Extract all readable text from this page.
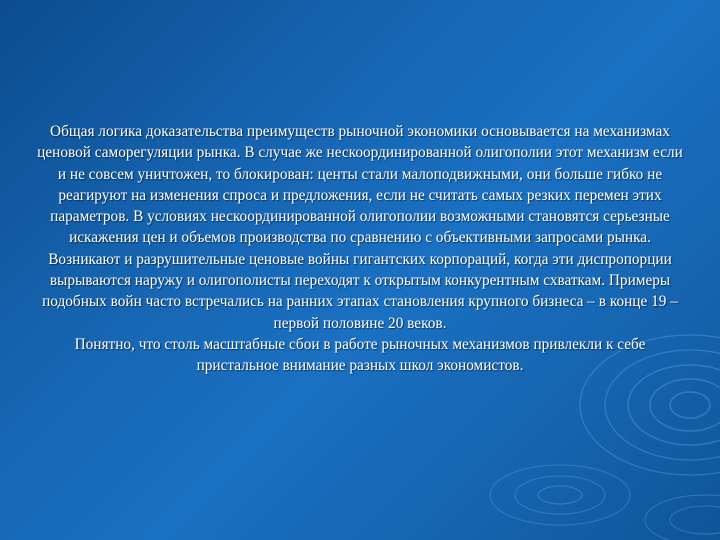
Общая логика доказательства преимуществ рыночной экономики основывается на механизмах ценовой саморегуляции рынка. В случае же нескоординированной олигополии этот механизм если и не совсем уничтожен, то блокирован: центы стали малоподвижными, они больше гибко не реагируют на изменения спроса и предложения, если не считать самых резких перемен этих параметров. В условиях нескоординированной олигополии возможными становятся серьезные искажения цен и объемов производства по сравнению с объективными запросами рынка. Возникают и разрушительные ценовые войны гигантских корпораций, когда эти диспропорции вырываются наружу и олигополисты переходят к открытым конкурентным схваткам. Примеры подобных войн часто встречались на ранних этапах становления крупного бизнеса – в конце 19 – первой половине 20 веков.

Понятно, что столь масштабные сбои в работе рыночных механизмов привлекли к себе пристальное внимание разных школ экономистов.
